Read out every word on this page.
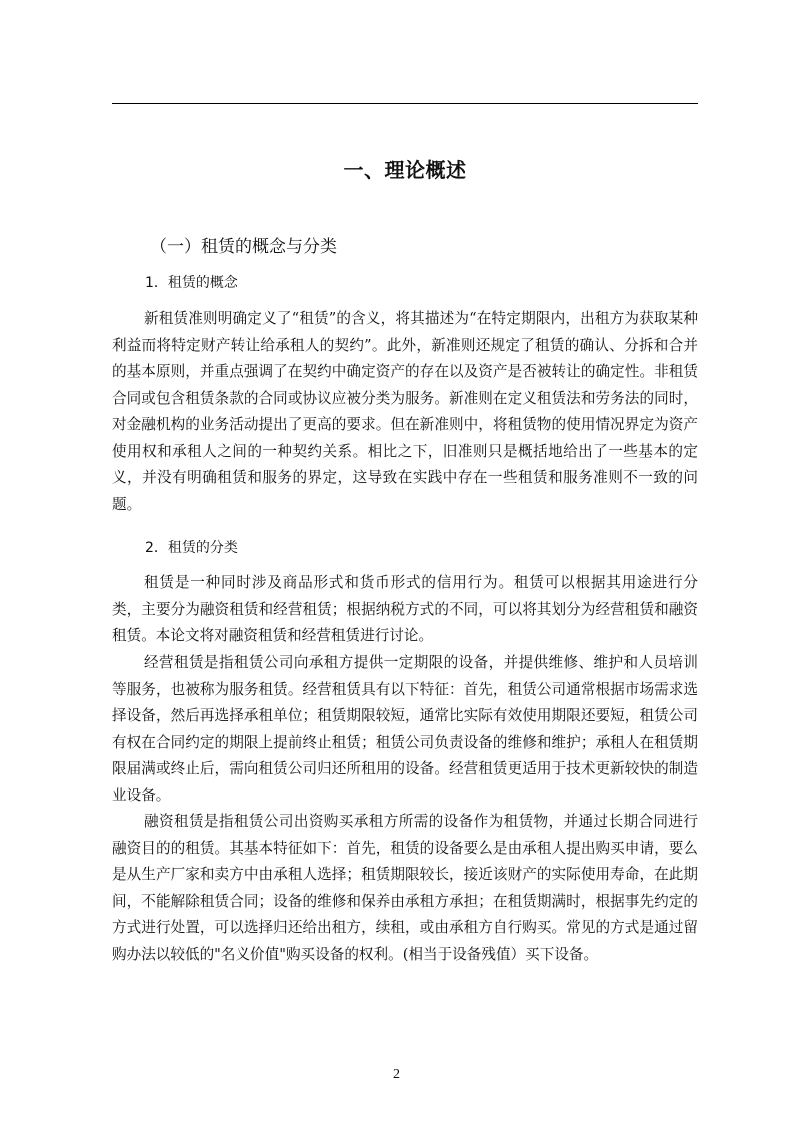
一、理论概述
（一）租赁的概念与分类
1．租赁的概念

新租赁准则明确定义了“租赁”的含义，将其描述为“在特定期限内，出租方为获取某种利益而将特定财产转让给承租人的契约”。此外，新准则还规定了租赁的确认、分拆和合并的基本原则，并重点强调了在契约中确定资产的存在以及资产是否被转让的确定性。非租赁合同或包含租赁条款的合同或协议应被分类为服务。新准则在定义租赁法和劳务法的同时，对金融机构的业务活动提出了更高的要求。但在新准则中，将租赁物的使用情况界定为资产使用权和承租人之间的一种契约关系。相比之下，旧准则只是概括地给出了一些基本的定义，并没有明确租赁和服务的界定，这导致在实践中存在一些租赁和服务准则不一致的问题。

2．租赁的分类

租赁是一种同时涉及商品形式和货币形式的信用行为。租赁可以根据其用途进行分类，主要分为融资租赁和经营租赁；根据纳税方式的不同，可以将其划分为经营租赁和融资租赁。本论文将对融资租赁和经营租赁进行讨论。

经营租赁是指租赁公司向承租方提供一定期限的设备，并提供维修、维护和人员培训等服务，也被称为服务租赁。经营租赁具有以下特征：首先，租赁公司通常根据市场需求选择设备，然后再选择承租单位；租赁期限较短，通常比实际有效使用期限还要短，租赁公司有权在合同约定的期限上提前终止租赁；租赁公司负责设备的维修和维护；承租人在租赁期限届满或终止后，需向租赁公司归还所租用的设备。经营租赁更适用于技术更新较快的制造业设备。

融资租赁是指租赁公司出资购买承租方所需的设备作为租赁物，并通过长期合同进行融资目的的租赁。其基本特征如下：首先，租赁的设备要么是由承租人提出购买申请，要么是从生产厂家和卖方中由承租人选择；租赁期限较长，接近该财产的实际使用寿命，在此期间，不能解除租赁合同；设备的维修和保养由承租方承担；在租赁期满时，根据事先约定的方式进行处置，可以选择归还给出租方，续租，或由承租方自行购买。常见的方式是通过留购办法以较低的"名义价值"购买设备的权利。(相当于设备残值）买下设备。

2
